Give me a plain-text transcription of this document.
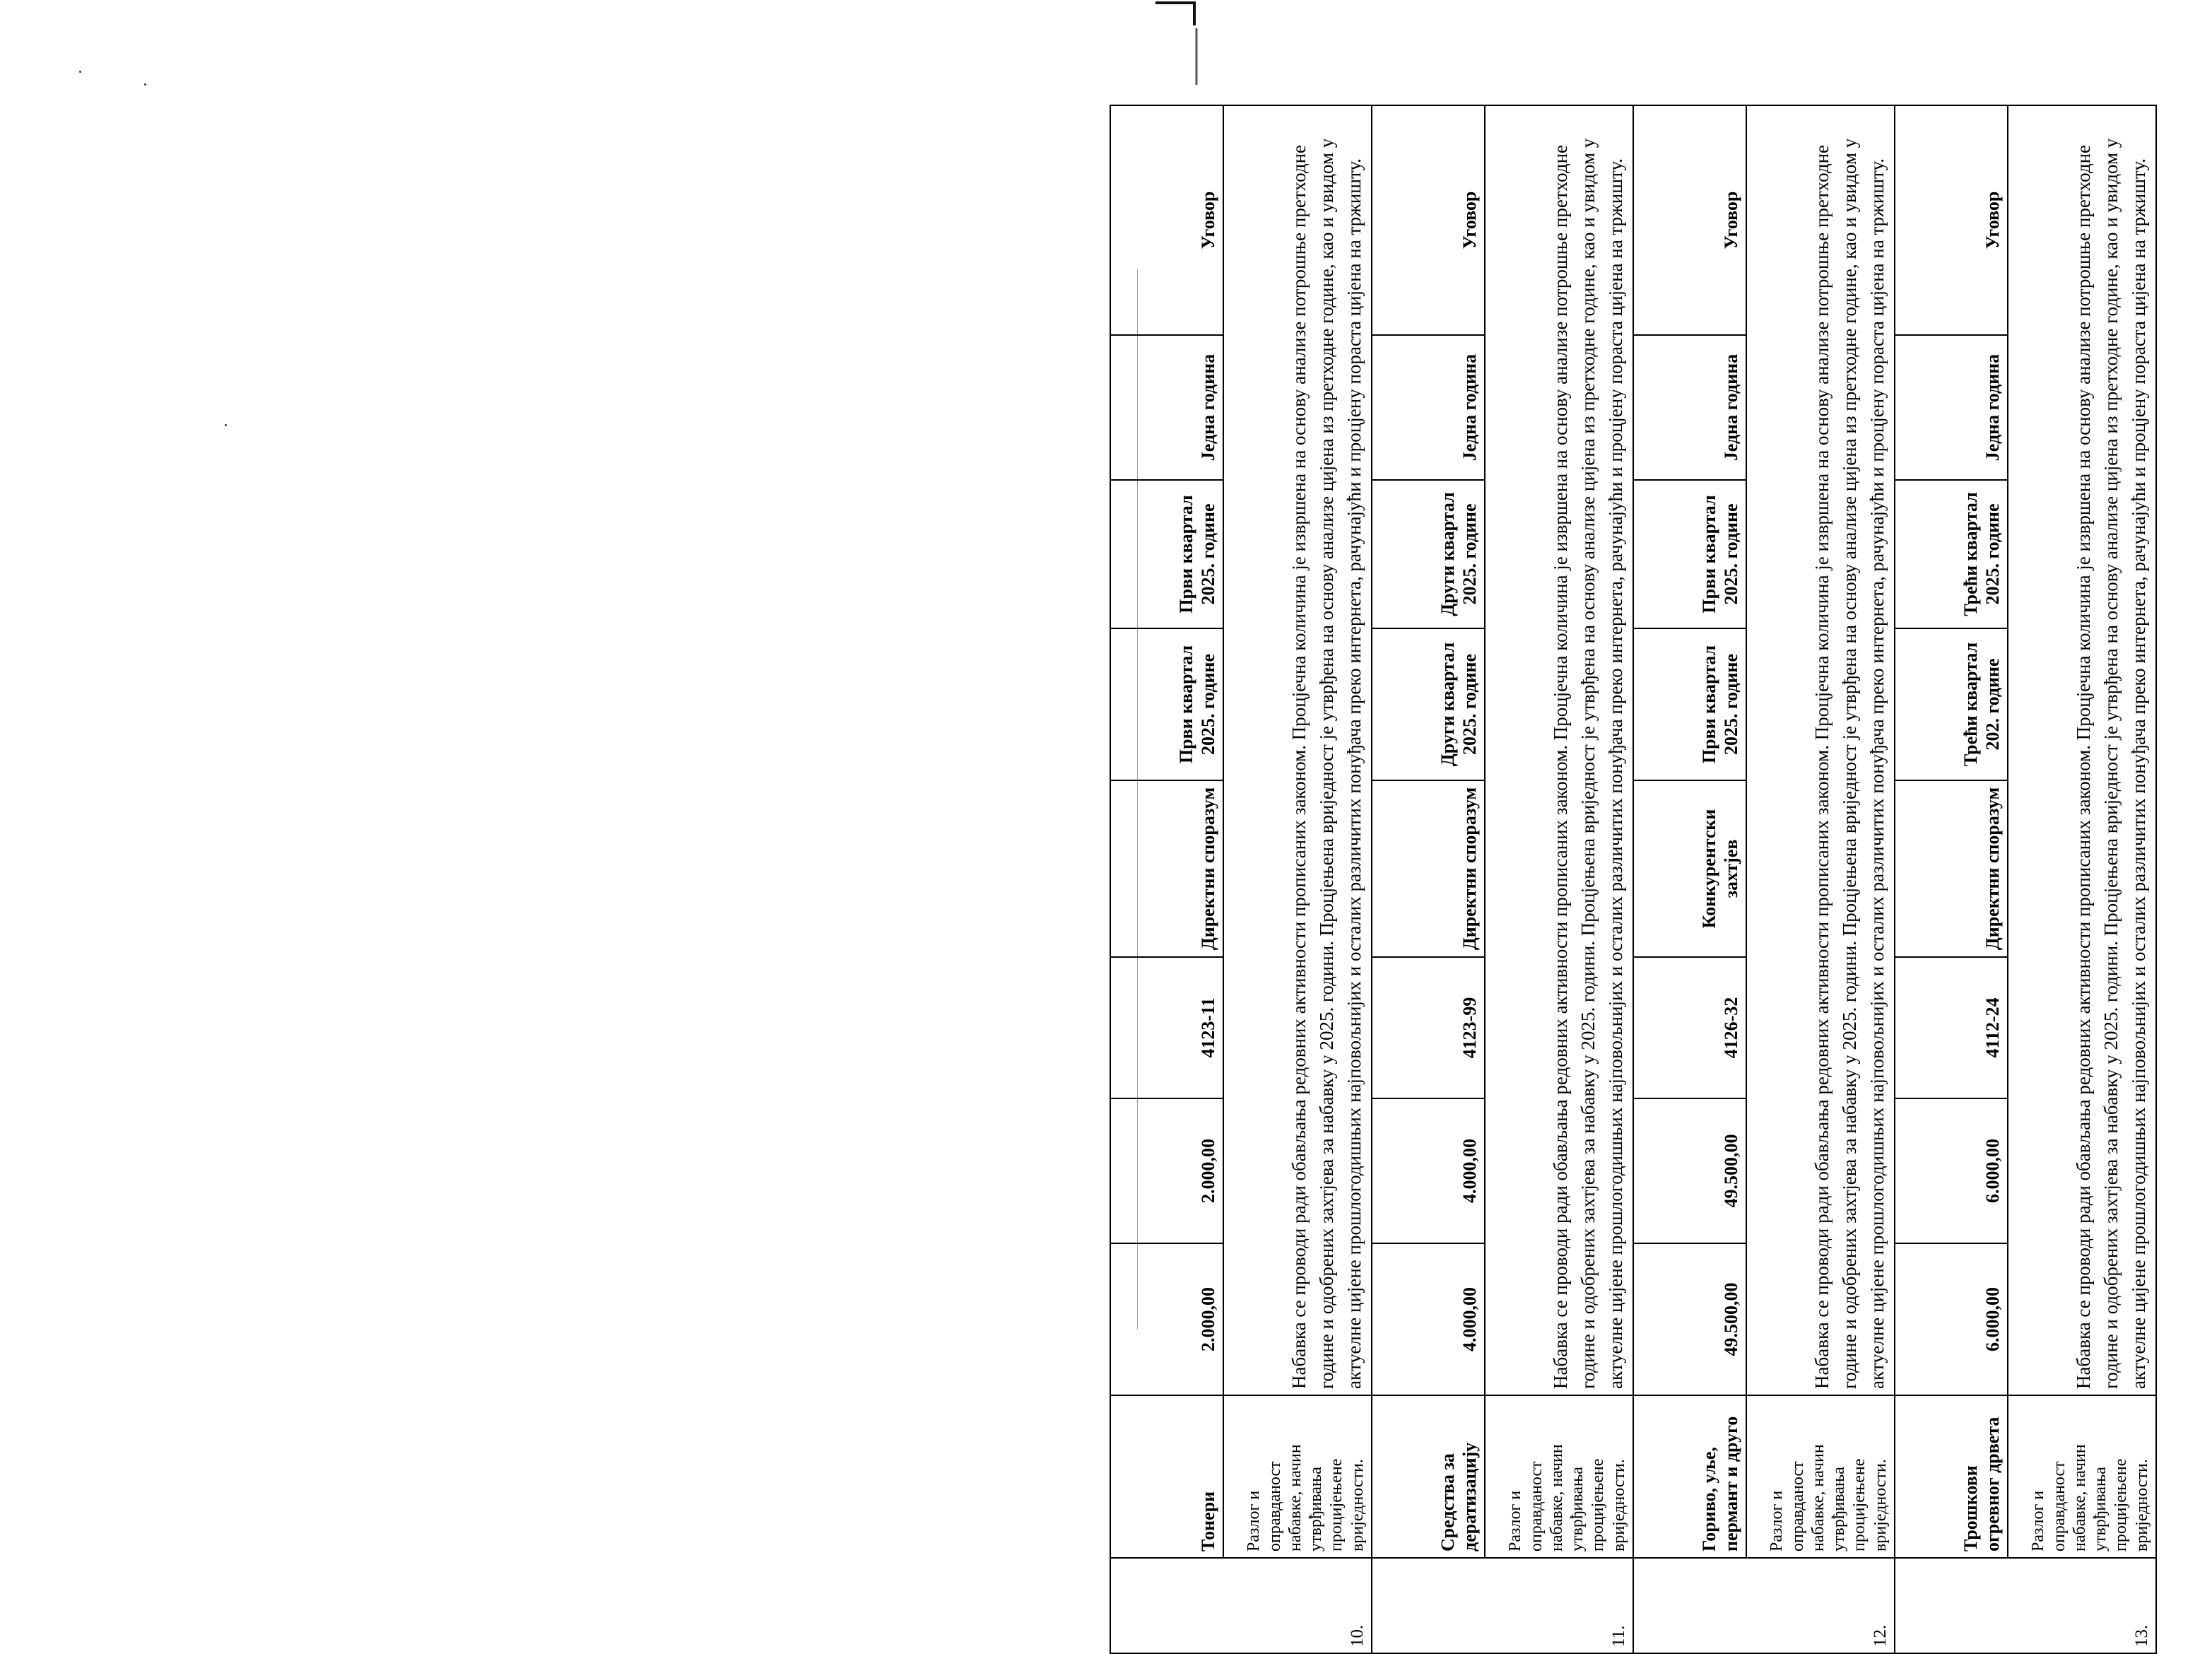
10.	Тонери	2.000,00	2.000,00	4123-11	Директни споразум	Први квартал 2025. године	Први квартал 2025. године	Једна година	Уговор
	Разлог и оправданост набавке, начин утврђивања процијењене вриједности.	Набавка се проводи ради обављања редовних активности прописаних законом. Процјечна количина је извршена на основу анализе потрошње претходне године и одобрених захтјева за набавку у 2025. години. Процјењена вриједност је утврђена на основу анализе цијена из претходне године, као и увидом у актуелне цијене прошлогодишњих најповољнијих и осталих различитих понуђача преко интернета, рачунајући и процјену пораста цијена на тржишту.							
11.	Средства за дератизацију	4.000,00	4.000,00	4123-99	Директни споразум	Други квартал 2025. године	Други квартал 2025. године	Једна година	Уговор
	Разлог и оправданост набавке, начин утврђивања процијењене вриједности.	Набавка се проводи ради обављања редовних активности прописаних законом. Процјечна количина је извршена на основу анализе потрошње претходне године и одобрених захтјева за набавку у 2025. години. Процјењена вриједност је утврђена на основу анализе цијена из претходне године, као и увидом у актуелне цијене прошлогодишњих најповољнијих и осталих различитих понуђача преко интернета, рачунајући и процјену пораста цијена на тржишту.							
12.	Гориво, уље, пермант и друго	49.500,00	49.500,00	4126-32	Конкурентски захтјев	Први квартал 2025. године	Први квартал 2025. године	Једна година	Уговор
	Разлог и оправданост набавке, начин утврђивања процијењене вриједности.	Набавка се проводи ради обављања редовних активности прописаних законом. Процјечна количина је извршена на основу анализе потрошње претходне године и одобрених захтјева за набавку у 2025. години. Процјењена вриједност је утврђена на основу анализе цијена из претходне године, као и увидом у актуелне цијене прошлогодишњих најповољнијих и осталих различитих понуђача преко интернета, рачунајући и процјену пораста цијена на тржишту.							
13.	Трошкови огревног дрвета	6.000,00	6.000,00	4112-24	Директни споразум	Трећи квартал 202. године	Трећи квартал 2025. године	Једна година	Уговор
	Разлог и оправданост набавке, начин утврђивања процијењене вриједности.	Набавка се проводи ради обављања редовних активности прописаних законом. Процјечна количина је извршена на основу анализе потрошње претходне године и одобрених захтјева за набавку у 2025. години. Процјењена вриједност је утврђена на основу анализе цијена из претходне године, као и увидом у актуелне цијене прошлогодишњих најповољнијих и осталих различитих понуђача преко интернета, рачунајући и процјену пораста цијена на тржишту.							
